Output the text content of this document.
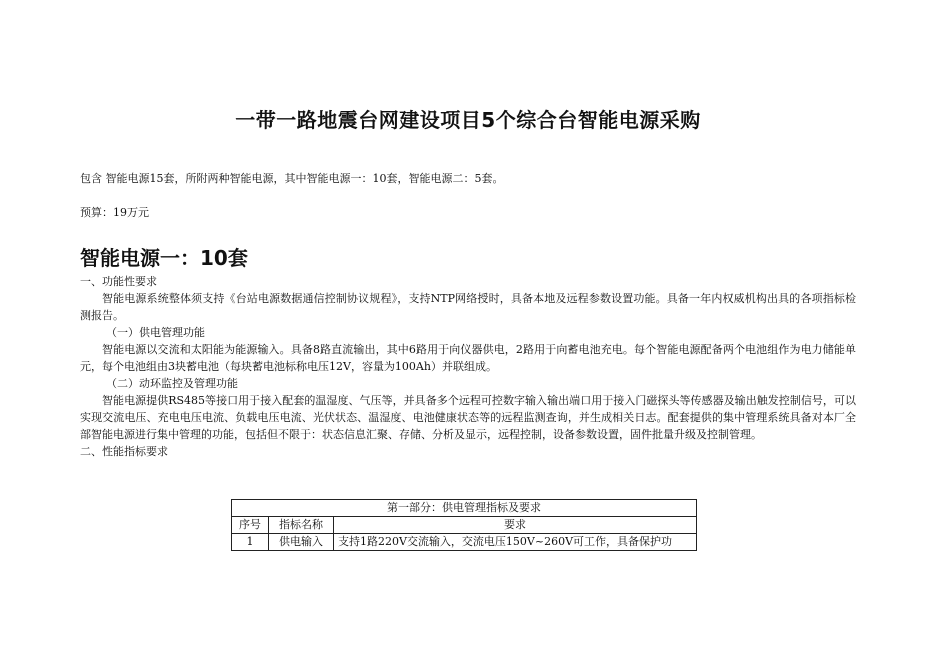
一带一路地震台网建设项目5个综合台智能电源采购
包含 智能电源15套，所附两种智能电源，其中智能电源一：10套，智能电源二：5套。
预算：19万元
智能电源一：10套

一、功能性要求

智能电源系统整体须支持《台站电源数据通信控制协议规程》，支持NTP网络授时，具备本地及远程参数设置功能。具备一年内权威机构出具的各项指标检测报告。

（一）供电管理功能

智能电源以交流和太阳能为能源输入。具备8路直流输出，其中6路用于向仪器供电，2路用于向蓄电池充电。每个智能电源配备两个电池组作为电力储能单元，每个电池组由3块蓄电池（每块蓄电池标称电压12V，容量为100Ah）并联组成。

（二）动环监控及管理功能

智能电源提供RS485等接口用于接入配套的温湿度、气压等，并具备多个远程可控数字输入输出端口用于接入门磁探头等传感器及输出触发控制信号，可以实现交流电压、充电电压电流、负载电压电流、光伏状态、温湿度、电池健康状态等的远程监测查询，并生成相关日志。配套提供的集中管理系统具备对本厂全部智能电源进行集中管理的功能，包括但不限于：状态信息汇聚、存储、分析及显示，远程控制，设备参数设置，固件批量升级及控制管理。

二、性能指标要求

第一部分：供电管理指标及要求		
序号	指标名称	要求
1	供电输入	支持1路220V交流输入，交流电压150V~260V可工作，具备保护功
